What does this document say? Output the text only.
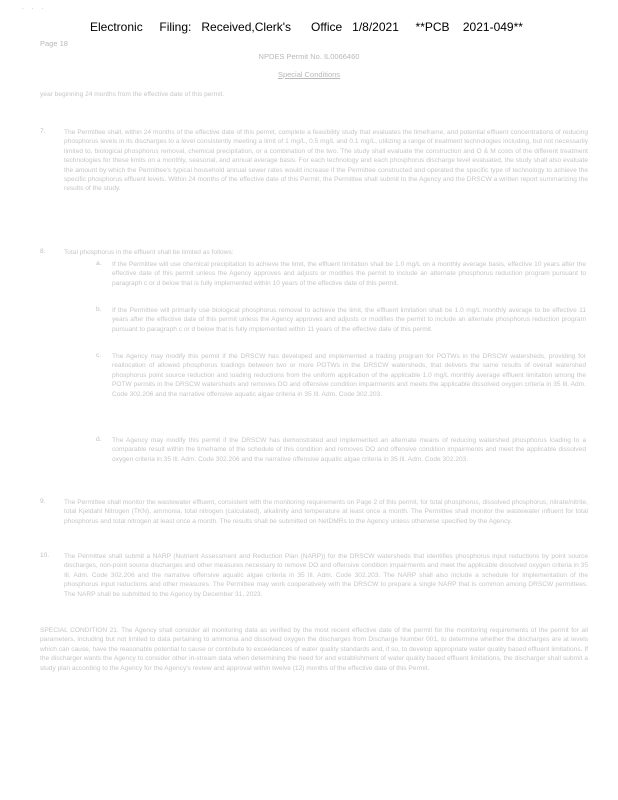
· · ·
Electronic     Filing:   Received,Clerk's      Office   1/8/2021     **PCB    2021-049**
Page 18
NPDES Permit No. IL0066460
Special Conditions
year beginning 24 months from the effective date of this permit.
7.	The Permittee shall, within 24 months of the effective date of this permit, complete a feasibility study that evaluates the timeframe, and potential effluent concentrations of reducing phosphorus levels in its discharges to a level consistently meeting a limit of 1 mg/L, 0.5 mg/L and 0.1 mg/L, utilizing a range of treatment technologies including, but not necessarily limited to, biological phosphorus removal, chemical precipitation, or a combination of the two. The study shall evaluate the construction and O & M costs of the different treatment technologies for these limits on a monthly, seasonal, and annual average basis. For each technology and each phosphorus discharge level evaluated, the study shall also evaluate the amount by which the Permittee's typical household annual sewer rates would increase if the Permittee constructed and operated the specific type of technology to achieve the specific phosphorus effluent levels. Within 24 months of the effective date of this Permit, the Permittee shall submit to the Agency and the DRSCW a written report summarizing the results of the study.
8.	Total phosphorus in the effluent shall be limited as follows:
a. If the Permittee will use chemical precipitation to achieve the limit, the effluent limitation shall be 1.0 mg/L on a monthly average basis, effective 10 years after the effective date of this permit unless the Agency approves and adjusts or modifies the permit to include an alternate phosphorus reduction program pursuant to paragraph c or d below that is fully implemented within 10 years of the effective date of this permit.
b. If the Permittee will primarily use biological phosphorus removal to achieve the limit, the effluent limitation shall be 1.0 mg/L monthly average to be effective 11 years after the effective date of this permit unless the Agency approves and adjusts or modifies the permit to include an alternate phosphorus reduction program pursuant to paragraph c or d below that is fully implemented within 11 years of the effective date of this permit.
c. The Agency may modify this permit if the DRSCW has developed and implemented a trading program for POTWs in the DRSCW watersheds, providing for reallocation of allowed phosphorus loadings between two or more POTWs in the DRSCW watersheds, that delivers the same results of overall watershed phosphorus point source reduction and loading reductions from the uniform application of the applicable 1.0 mg/L monthly average effluent limitation among the POTW permits in the DRSCW watersheds and removes DO and offensive condition impairments and meets the applicable dissolved oxygen criteria in 35 Ill. Adm. Code 302.206 and the narrative offensive aquatic algae criteria in 35 Ill. Adm. Code 302.203.
d. The Agency may modify this permit if the DRSCW has demonstrated and implemented an alternate means of reducing watershed phosphorus loading to a comparable result within the timeframe of the schedule of this condition and removes DO and offensive condition impairments and meet the applicable dissolved oxygen criteria in 35 Ill. Adm. Code 302.206 and the narrative offensive aquatic algae criteria in 35 Ill. Adm. Code 302.203.
9.	The Permittee shall monitor the wastewater effluent, consistent with the monitoring requirements on Page 2 of this permit, for total phosphorus, dissolved phosphorus, nitrate/nitrite, total Kjeldahl Nitrogen (TKN), ammonia, total nitrogen (calculated), alkalinity and temperature at least once a month. The Permittee shall monitor the wastewater influent for total phosphorus and total nitrogen at least once a month. The results shall be submitted on NetDMRs to the Agency unless otherwise specified by the Agency.
10. The Permittee shall submit a NARP (Nutrient Assessment and Reduction Plan (NARP)) for the DRSCW watersheds that identifies phosphorus input reductions by point source discharges, non-point source discharges and other measures necessary to remove DO and offensive condition impairments and meet the applicable dissolved oxygen criteria in 35 Ill. Adm. Code 302.206 and the narrative offensive aquatic algae criteria in 35 Ill. Adm. Code 302.203. The NARP shall also include a schedule for implementation of the phosphorus input reductions and other measures. The Permittee may work cooperatively with the DRSCW to prepare a single NARP that is common among DRSCW permittees. The NARP shall be submitted to the Agency by December 31, 2023.
SPECIAL CONDITION 21. The Agency shall consider all monitoring data as verified by the most recent effective date of the permit for the monitoring requirements of the permit for all parameters, including but not limited to data pertaining to ammonia and dissolved oxygen the discharges from Discharge Number 001, to determine whether the discharges are at levels which can cause, have the reasonable potential to cause or contribute to exceedances of water quality standards and, if so, to develop appropriate water quality based effluent limitations. If the discharger wants the Agency to consider other in-stream data when determining the need for and establishment of water quality based effluent limitations, the discharger shall submit a study plan according to the Agency for the Agency's review and approval within twelve (12) months of the effective date of this Permit.
